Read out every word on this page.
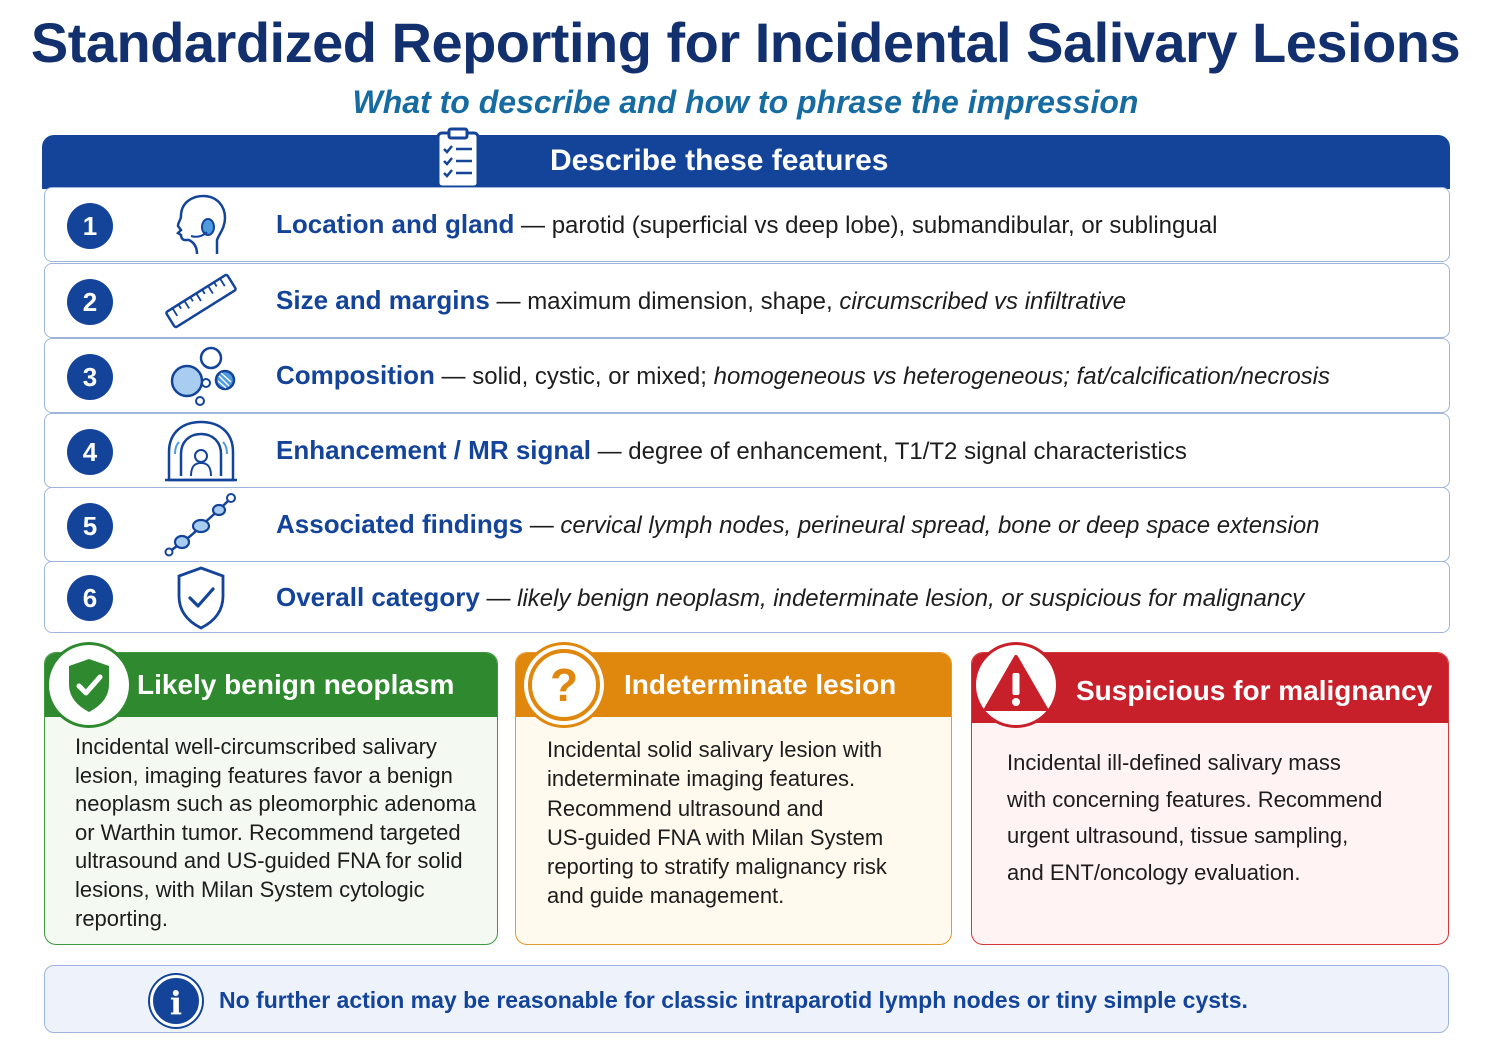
Standardized Reporting for Incidental Salivary Lesions
What to describe and how to phrase the impression
Describe these features
1	Location and gland — parotid (superficial vs deep lobe), submandibular, or sublingual
2	Size and margins — maximum dimension, shape, circumscribed vs infiltrative
3	Composition — solid, cystic, or mixed; homogeneous vs heterogeneous; fat/calcification/necrosis
4	Enhancement / MR signal — degree of enhancement, T1/T2 signal characteristics
5	Associated findings — cervical lymph nodes, perineural spread, bone or deep space extension
6	Overall category — likely benign neoplasm, indeterminate lesion, or suspicious for malignancy
Likely benign neoplasm
Incidental well-circumscribed salivary
lesion, imaging features favor a benign
neoplasm such as pleomorphic adenoma
or Warthin tumor. Recommend targeted
ultrasound and US-guided FNA for solid
lesions, with Milan System cytologic
reporting.
Indeterminate lesion
?
Incidental solid salivary lesion with
indeterminate imaging features.
Recommend ultrasound and
US-guided FNA with Milan System
reporting to stratify malignancy risk
and guide management.
Suspicious for malignancy
Incidental ill-defined salivary mass
with concerning features. Recommend
urgent ultrasound, tissue sampling,
and ENT/oncology evaluation.
i	No further action may be reasonable for classic intraparotid lymph nodes or tiny simple cysts.
